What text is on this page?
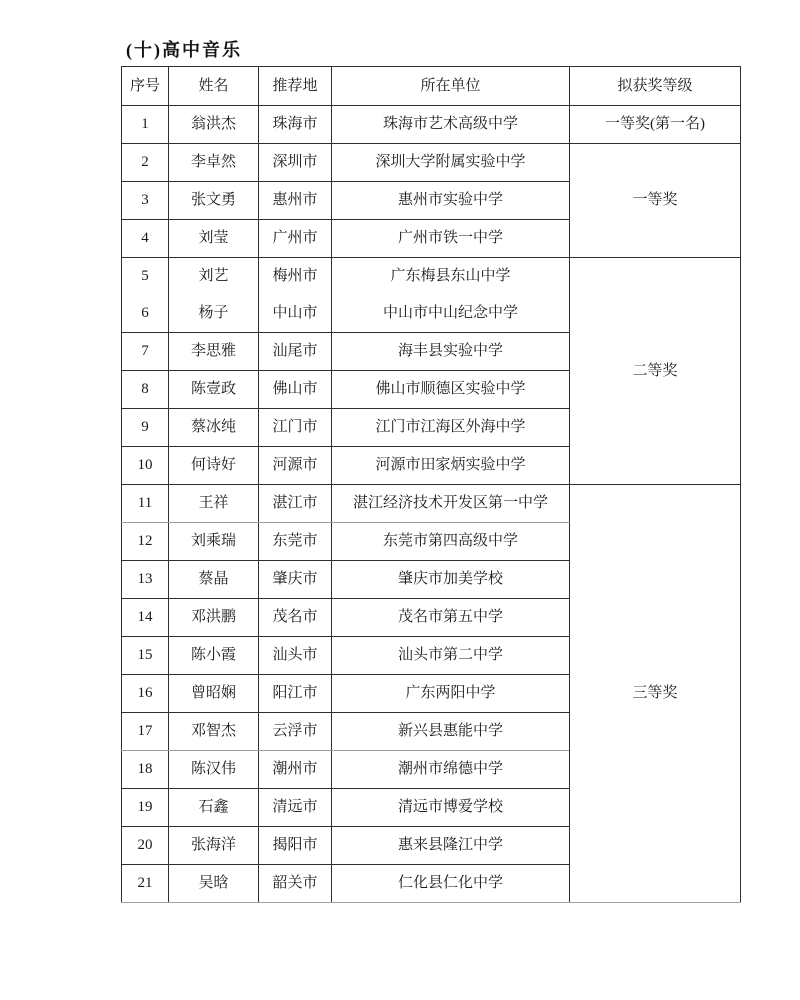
(十)高中音乐
序号	姓名	推荐地	所在单位	拟获奖等级
1	翁洪杰	珠海市	珠海市艺术高级中学	一等奖(第一名)
2	李卓然	深圳市	深圳大学附属实验中学	一等奖
3	张文勇	惠州市	惠州市实验中学	
4	刘莹	广州市	广州市铁一中学	
5	刘艺	梅州市	广东梅县东山中学	二等奖
6	杨子	中山市	中山市中山纪念中学	
7	李思雅	汕尾市	海丰县实验中学	
8	陈壹政	佛山市	佛山市顺德区实验中学	
9	蔡冰纯	江门市	江门市江海区外海中学	
10	何诗好	河源市	河源市田家炳实验中学	
11	王祥	湛江市	湛江经济技术开发区第一中学	三等奖
12	刘乘瑞	东莞市	东莞市第四高级中学	
13	蔡晶	肇庆市	肇庆市加美学校	
14	邓洪鹏	茂名市	茂名市第五中学	
15	陈小霞	汕头市	汕头市第二中学	
16	曾昭娴	阳江市	广东两阳中学	
17	邓智杰	云浮市	新兴县惠能中学	
18	陈汉伟	潮州市	潮州市绵德中学	
19	石鑫	清远市	清远市博爱学校	
20	张海洋	揭阳市	惠来县隆江中学	
21	吴晗	韶关市	仁化县仁化中学	
